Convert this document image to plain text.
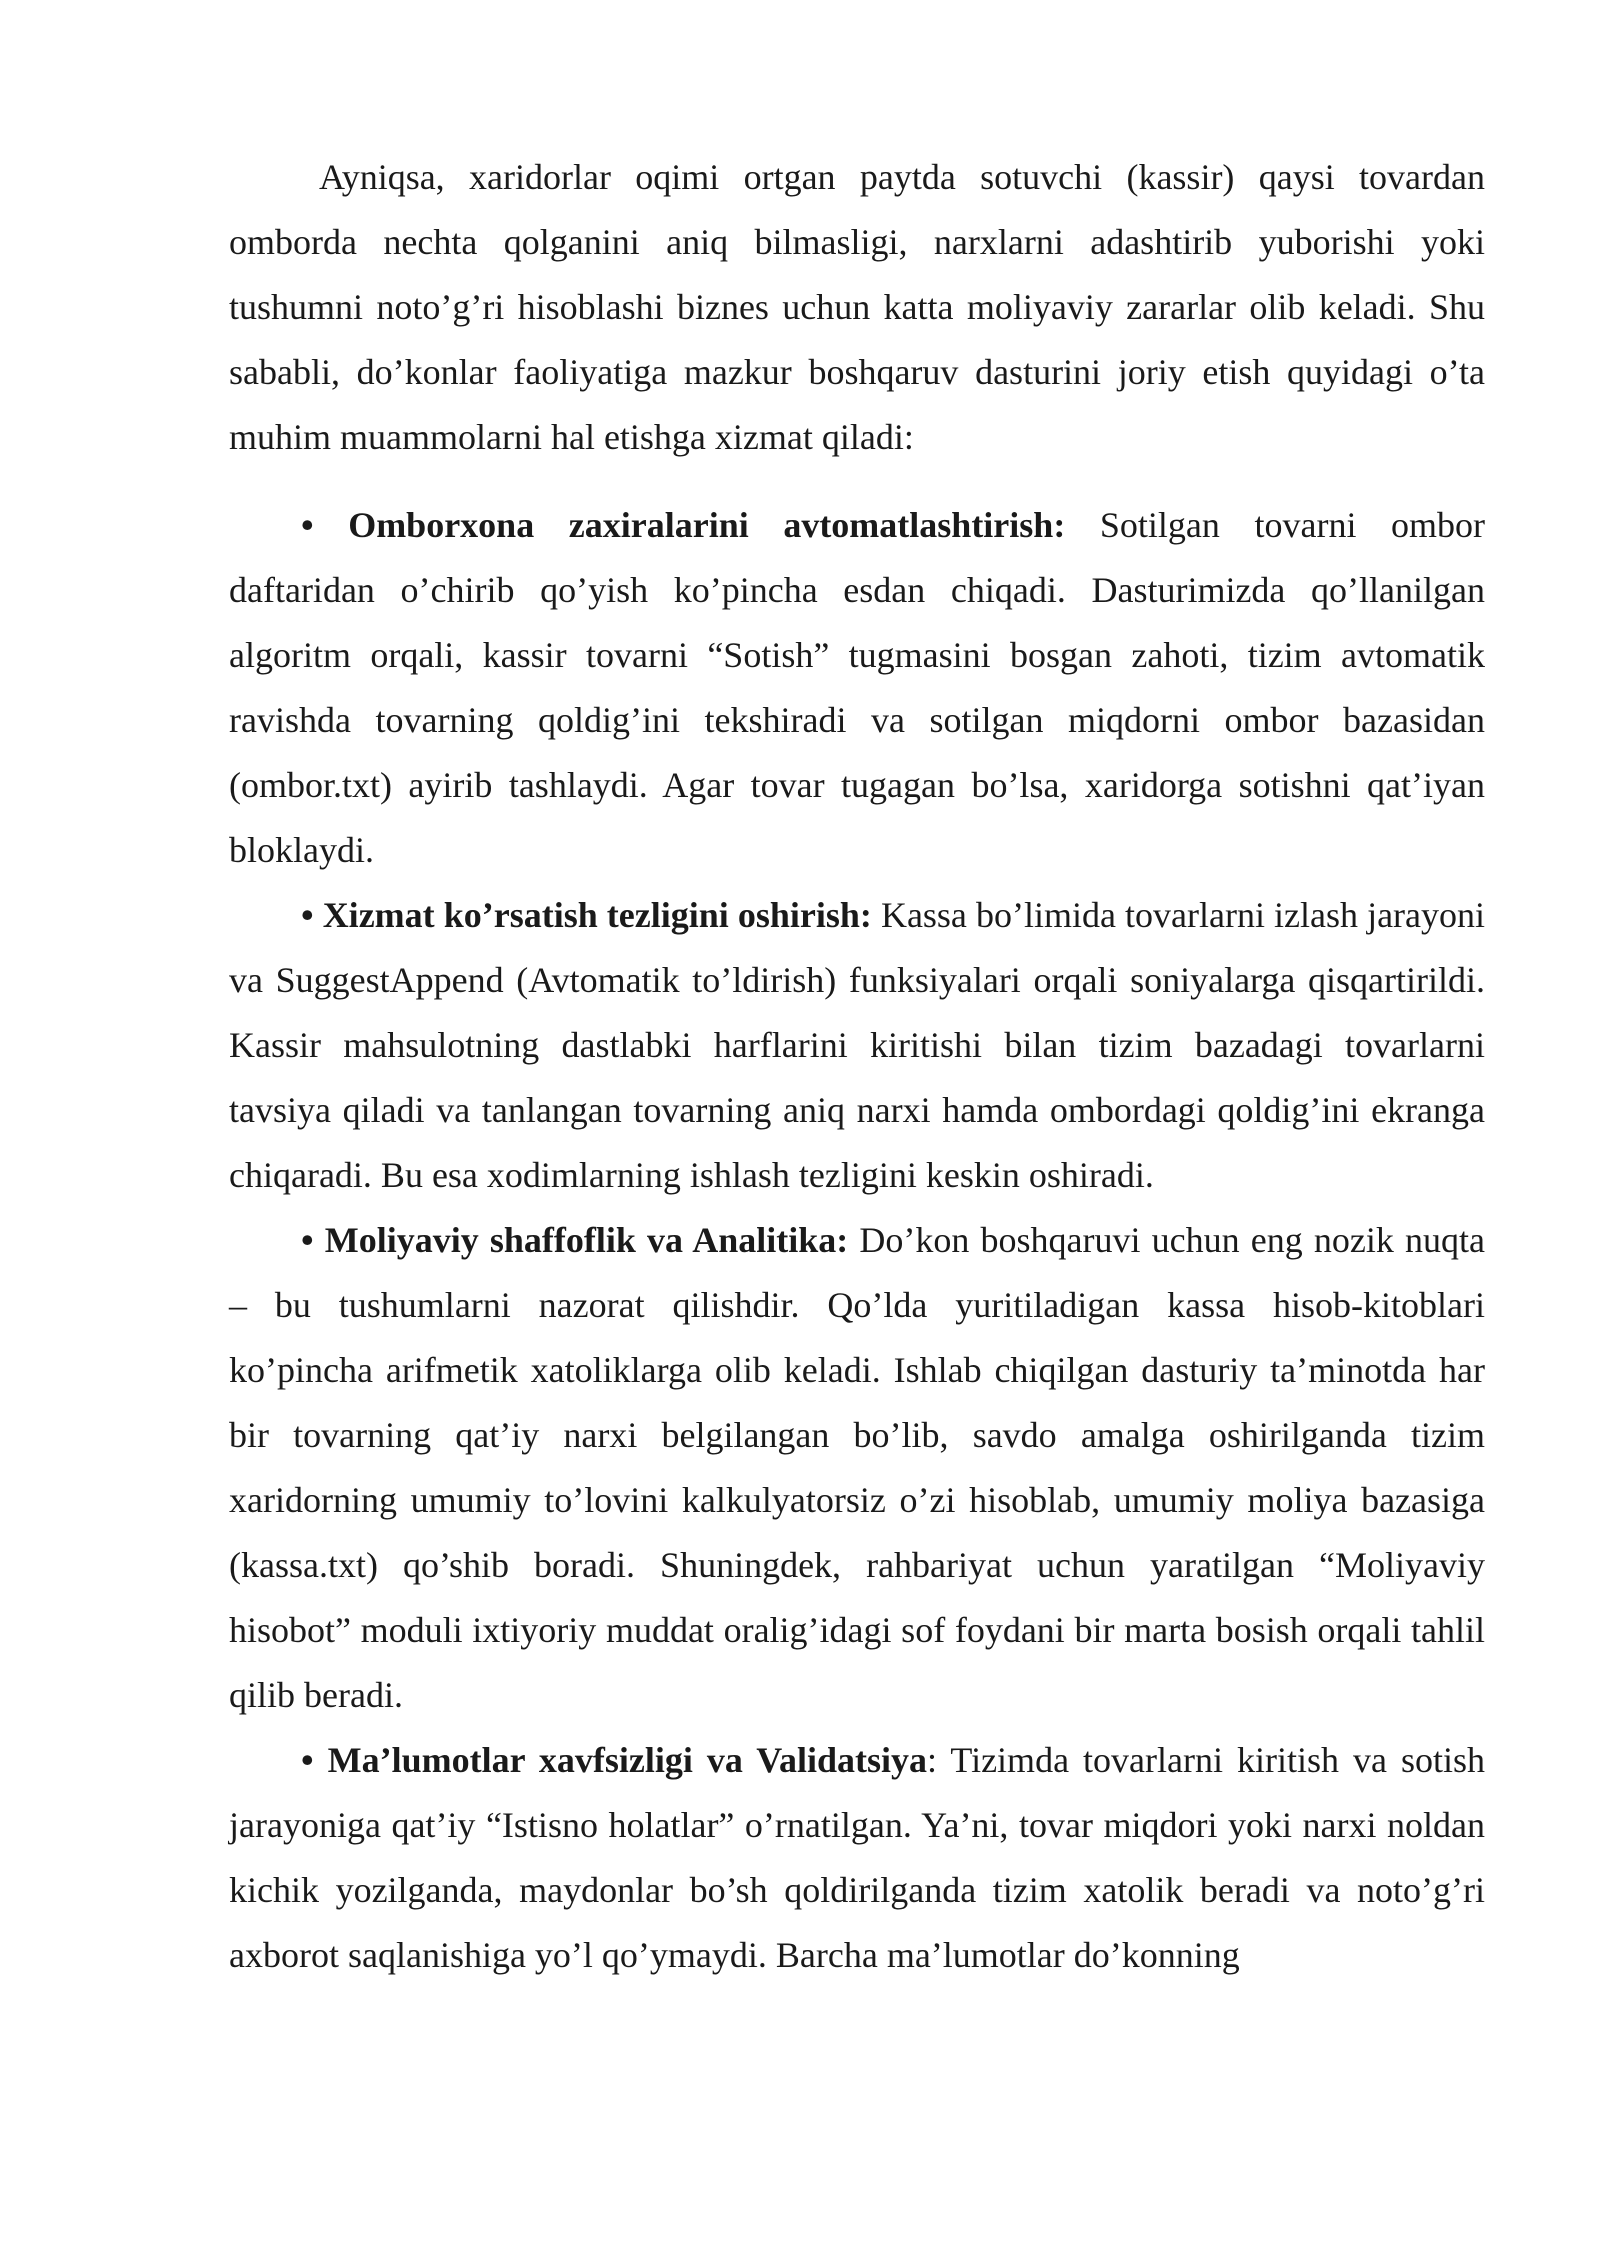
Ayniqsa, xaridorlar oqimi ortgan paytda sotuvchi (kassir) qaysi tovardan omborda nechta qolganini aniq bilmasligi, narxlarni adashtirib yuborishi yoki tushumni noto’g’ri hisoblashi biznes uchun katta moliyaviy zararlar olib keladi. Shu sababli, do’konlar faoliyatiga mazkur boshqaruv dasturini joriy etish quyidagi o’ta muhim muammolarni hal etishga xizmat qiladi:

• Omborxona zaxiralarini avtomatlashtirish: Sotilgan tovarni ombor daftaridan o’chirib qo’yish ko’pincha esdan chiqadi. Dasturimizda qo’llanilgan algoritm orqali, kassir tovarni “Sotish” tugmasini bosgan zahoti, tizim avtomatik ravishda tovarning qoldig’ini tekshiradi va sotilgan miqdorni ombor bazasidan (ombor.txt) ayirib tashlaydi. Agar tovar tugagan bo’lsa, xaridorga sotishni qat’iyan bloklaydi.

• Xizmat ko’rsatish tezligini oshirish: Kassa bo’limida tovarlarni izlash jarayoni va SuggestAppend (Avtomatik to’ldirish) funksiyalari orqali soniyalarga qisqartirildi. Kassir mahsulotning dastlabki harflarini kiritishi bilan tizim bazadagi tovarlarni tavsiya qiladi va tanlangan tovarning aniq narxi hamda ombordagi qoldig’ini ekranga chiqaradi. Bu esa xodimlarning ishlash tezligini keskin oshiradi.

• Moliyaviy shaffoflik va Analitika: Do’kon boshqaruvi uchun eng nozik nuqta – bu tushumlarni nazorat qilishdir. Qo’lda yuritiladigan kassa hisob-kitoblari ko’pincha arifmetik xatoliklarga olib keladi. Ishlab chiqilgan dasturiy ta’minotda har bir tovarning qat’iy narxi belgilangan bo’lib, savdo amalga oshirilganda tizim xaridorning umumiy to’lovini kalkulyatorsiz o’zi hisoblab, umumiy moliya bazasiga (kassa.txt) qo’shib boradi. Shuningdek, rahbariyat uchun yaratilgan “Moliyaviy hisobot” moduli ixtiyoriy muddat oralig’idagi sof foydani bir marta bosish orqali tahlil qilib beradi.

• Ma’lumotlar xavfsizligi va Validatsiya: Tizimda tovarlarni kiritish va sotish jarayoniga qat’iy “Istisno holatlar” o’rnatilgan. Ya’ni, tovar miqdori yoki narxi noldan kichik yozilganda, maydonlar bo’sh qoldirilganda tizim xatolik beradi va noto’g’ri axborot saqlanishiga yo’l qo’ymaydi. Barcha ma’lumotlar do’konning
